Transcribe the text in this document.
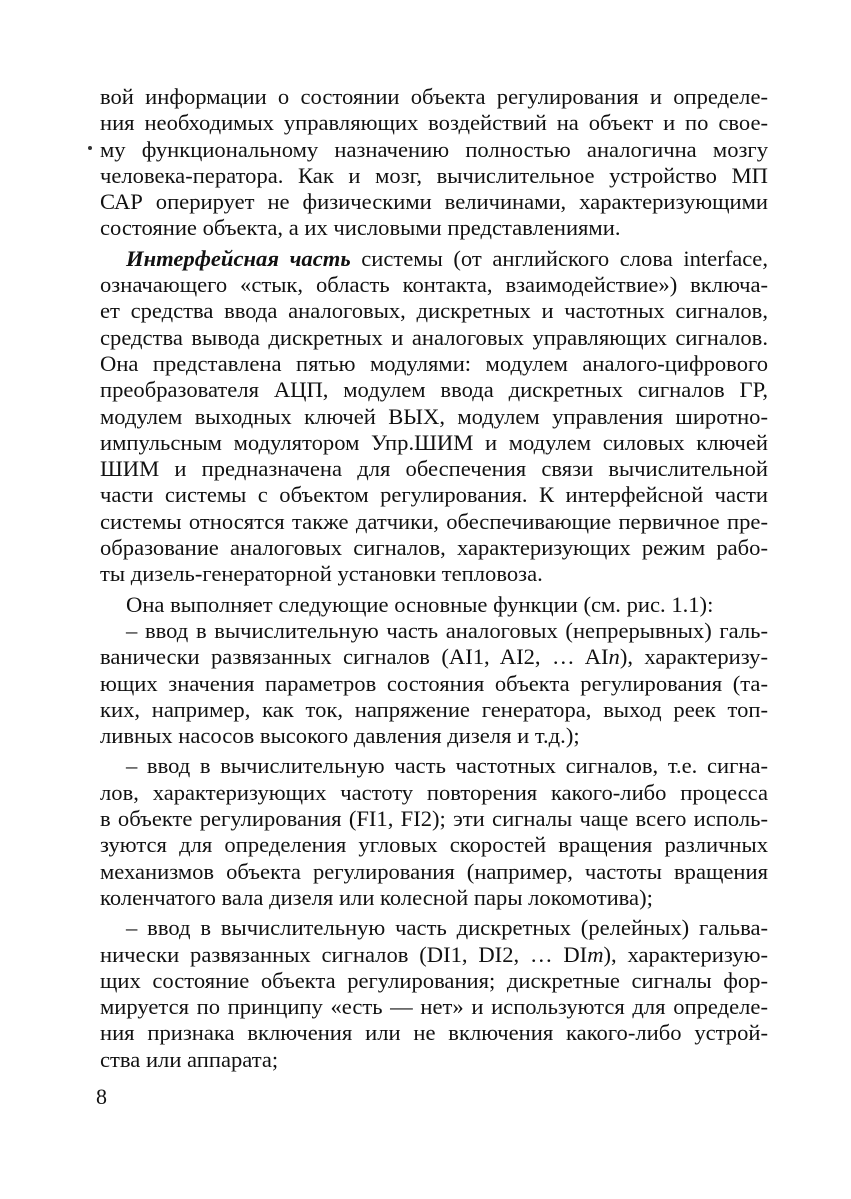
вой информации о состоянии объекта регулирования и определе-
ния необходимых управляющих воздействий на объект и по свое-
му функциональному назначению полностью аналогична мозгу
человека-ператора. Как и мозг, вычислительное устройство МП
САР оперирует не физическими величинами, характеризующими
состояние объекта, а их числовыми представлениями.
Интерфейсная часть системы (от английского слова interface,
означающего «стык, область контакта, взаимодействие») включа-
ет средства ввода аналоговых, дискретных и частотных сигналов,
средства вывода дискретных и аналоговых управляющих сигналов.
Она представлена пятью модулями: модулем аналого-цифрового
преобразователя АЦП, модулем ввода дискретных сигналов ГР,
модулем выходных ключей ВЫХ, модулем управления широтно-
импульсным модулятором Упр.ШИМ и модулем силовых ключей
ШИМ и предназначена для обеспечения связи вычислительной
части системы с объектом регулирования. К интерфейсной части
системы относятся также датчики, обеспечивающие первичное пре-
образование аналоговых сигналов, характеризующих режим рабо-
ты дизель-генераторной установки тепловоза.
Она выполняет следующие основные функции (см. рис. 1.1):
– ввод в вычислительную часть аналоговых (непрерывных) галь-
ванически развязанных сигналов (AI1, AI2, … AIn), характеризу-
ющих значения параметров состояния объекта регулирования (та-
ких, например, как ток, напряжение генератора, выход реек топ-
ливных насосов высокого давления дизеля и т.д.);
– ввод в вычислительную часть частотных сигналов, т.е. сигна-
лов, характеризующих частоту повторения какого-либо процесса
в объекте регулирования (FI1, FI2); эти сигналы чаще всего исполь-
зуются для определения угловых скоростей вращения различных
механизмов объекта регулирования (например, частоты вращения
коленчатого вала дизеля или колесной пары локомотива);
– ввод в вычислительную часть дискретных (релейных) гальва-
нически развязанных сигналов (DI1, DI2, … DIm), характеризую-
щих состояние объекта регулирования; дискретные сигналы фор-
мируется по принципу «есть — нет» и используются для определе-
ния признака включения или не включения какого-либо устрой-
ства или аппарата;
8
